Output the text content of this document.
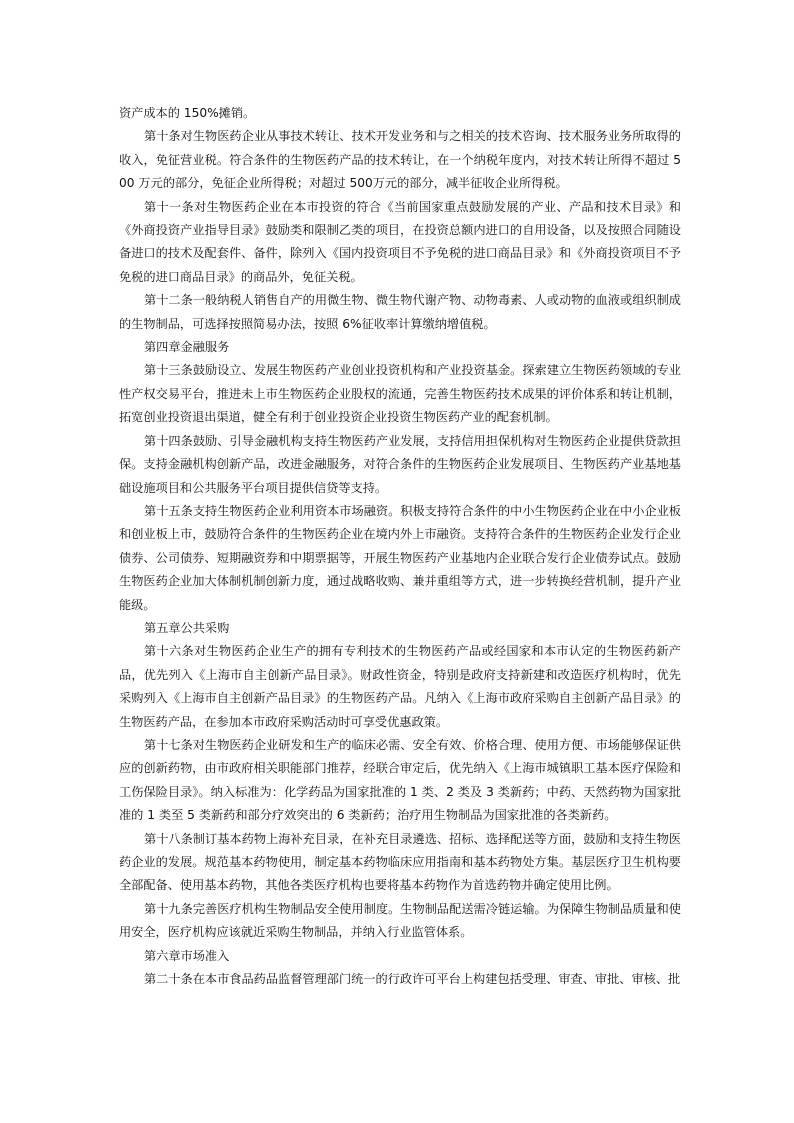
资产成本的 150%摊销。

第十条对生物医药企业从事技术转让、技术开发业务和与之相关的技术咨询、技术服务业务所取得的收入，免征营业税。符合条件的生物医药产品的技术转让，在一个纳税年度内，对技术转让所得不超过 500 万元的部分，免征企业所得税；对超过 500万元的部分，减半征收企业所得税。

第十一条对生物医药企业在本市投资的符合《当前国家重点鼓励发展的产业、产品和技术目录》和《外商投资产业指导目录》鼓励类和限制乙类的项目，在投资总额内进口的自用设备，以及按照合同随设备进口的技术及配套件、备件，除列入《国内投资项目不予免税的进口商品目录》和《外商投资项目不予免税的进口商品目录》的商品外，免征关税。

第十二条一般纳税人销售自产的用微生物、微生物代谢产物、动物毒素、人或动物的血液或组织制成的生物制品，可选择按照简易办法，按照 6%征收率计算缴纳增值税。

第四章金融服务

第十三条鼓励设立、发展生物医药产业创业投资机构和产业投资基金。探索建立生物医药领域的专业性产权交易平台，推进未上市生物医药企业股权的流通，完善生物医药技术成果的评价体系和转让机制，拓宽创业投资退出渠道，健全有利于创业投资企业投资生物医药产业的配套机制。

第十四条鼓励、引导金融机构支持生物医药产业发展，支持信用担保机构对生物医药企业提供贷款担保。支持金融机构创新产品，改进金融服务，对符合条件的生物医药企业发展项目、生物医药产业基地基础设施项目和公共服务平台项目提供信贷等支持。

第十五条支持生物医药企业利用资本市场融资。积极支持符合条件的中小生物医药企业在中小企业板和创业板上市，鼓励符合条件的生物医药企业在境内外上市融资。支持符合条件的生物医药企业发行企业债券、公司债券、短期融资券和中期票据等，开展生物医药产业基地内企业联合发行企业债券试点。鼓励生物医药企业加大体制机制创新力度，通过战略收购、兼并重组等方式，进一步转换经营机制，提升产业能级。

第五章公共采购

第十六条对生物医药企业生产的拥有专利技术的生物医药产品或经国家和本市认定的生物医药新产品，优先列入《上海市自主创新产品目录》。财政性资金，特别是政府支持新建和改造医疗机构时，优先采购列入《上海市自主创新产品目录》的生物医药产品。凡纳入《上海市政府采购自主创新产品目录》的生物医药产品，在参加本市政府采购活动时可享受优惠政策。

第十七条对生物医药企业研发和生产的临床必需、安全有效、价格合理、使用方便、市场能够保证供应的创新药物，由市政府相关职能部门推荐，经联合审定后，优先纳入《上海市城镇职工基本医疗保险和工伤保险目录》。纳入标准为：化学药品为国家批准的 1 类、2 类及 3 类新药；中药、天然药物为国家批准的 1 类至 5 类新药和部分疗效突出的 6 类新药；治疗用生物制品为国家批准的各类新药。

第十八条制订基本药物上海补充目录，在补充目录遴选、招标、选择配送等方面，鼓励和支持生物医药企业的发展。规范基本药物使用，制定基本药物临床应用指南和基本药物处方集。基层医疗卫生机构要全部配备、使用基本药物，其他各类医疗机构也要将基本药物作为首选药物并确定使用比例。

第十九条完善医疗机构生物制品安全使用制度。生物制品配送需冷链运输。为保障生物制品质量和使用安全，医疗机构应该就近采购生物制品，并纳入行业监管体系。

第六章市场准入

第二十条在本市食品药品监督管理部门统一的行政许可平台上构建包括受理、审查、审批、审核、批
